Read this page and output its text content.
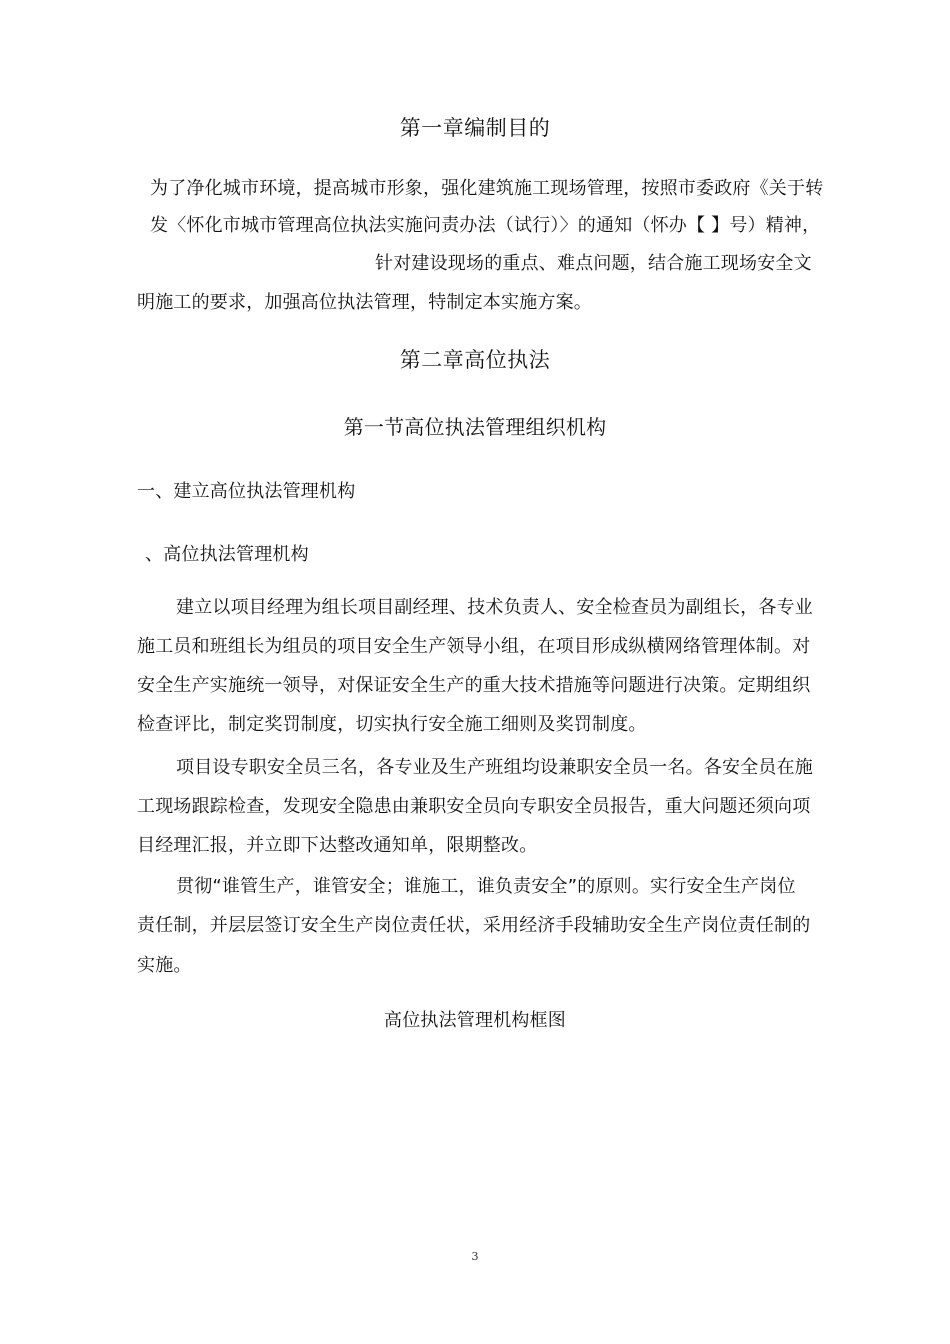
第一章编制目的
为了净化城市环境，提高城市形象，强化建筑施工现场管理，按照市委政府《关于转
发〈怀化市城市管理高位执法实施问责办法（试行）〉的通知（怀办【 】号）精神，
针对建设现场的重点、难点问题，结合施工现场安全文
明施工的要求，加强高位执法管理，特制定本实施方案。
第二章高位执法
第一节高位执法管理组织机构
一、建立高位执法管理机构
、高位执法管理机构
建立以项目经理为组长项目副经理、技术负责人、安全检查员为副组长，各专业
施工员和班组长为组员的项目安全生产领导小组，在项目形成纵横网络管理体制。对
安全生产实施统一领导，对保证安全生产的重大技术措施等问题进行决策。定期组织
检查评比，制定奖罚制度，切实执行安全施工细则及奖罚制度。
项目设专职安全员三名，各专业及生产班组均设兼职安全员一名。各安全员在施
工现场跟踪检查，发现安全隐患由兼职安全员向专职安全员报告，重大问题还须向项
目经理汇报，并立即下达整改通知单，限期整改。
贯彻“谁管生产，谁管安全；谁施工，谁负责安全”的原则。实行安全生产岗位
责任制，并层层签订安全生产岗位责任状，采用经济手段辅助安全生产岗位责任制的
实施。
高位执法管理机构框图
3
